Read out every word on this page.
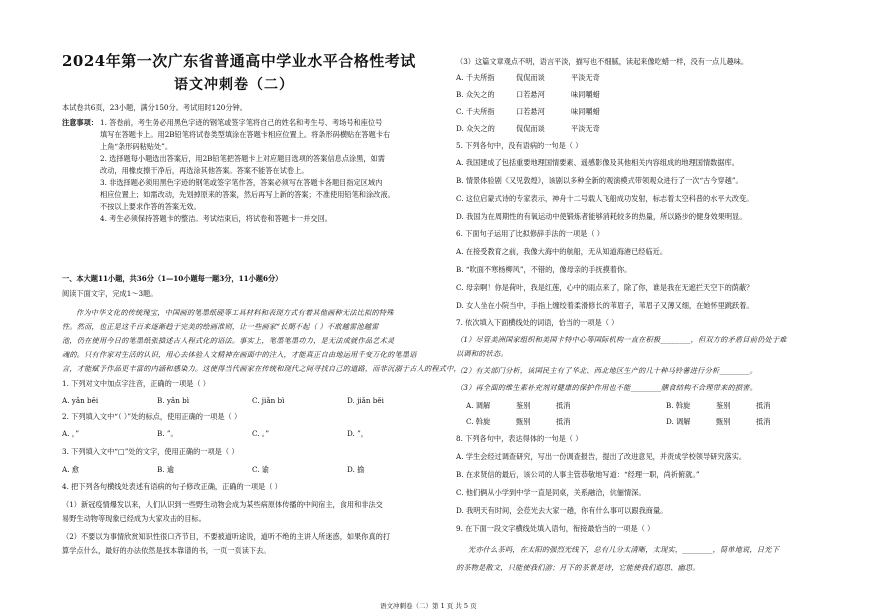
2024年第一次广东省普通高中学业水平合格性考试
语文冲刺卷（二）
本试卷共6页，23小题，满分150分。考试用时120分钟。
注意事项： 1. 答卷前，考生务必用黑色字迹的钢笔或签字笔将自己的姓名和考生号、考场号和座位号
填写在答题卡上。用2B铅笔将试卷类型填涂在答题卡相应位置上。将条形码横贴在答题卡右
上角“条形码粘贴处”。
2. 选择题每小题选出答案后，用2B铅笔把答题卡上对应题目选项的答案信息点涂黑，如需
改动，用橡皮擦干净后，再选涂其他答案。答案不能答在试卷上。
3. 非选择题必须用黑色字迹的钢笔或签字笔作答，答案必须写在答题卡各题目指定区域内
相应位置上；如需改动，先划掉原来的答案，然后再写上新的答案；不准使用铅笔和涂改液。
不按以上要求作答的答案无效。
4. 考生必须保持答题卡的整洁。考试结束后，将试卷和答题卡一并交回。
一、本大题11小题，共36分（1—10小题每一题3分，11小题6分）
阅读下面文字，完成1～3题。
作为中华文化的传统瑰宝，中国画的笔墨纸砚等工具材料和表现方式有着其他画种无法比拟的特殊
性。然而，也正是这千百来逐渐趋于完美的绘画准则，让一些画家“长期不起（ ）不敢越雷池越雷
池，仍在使用今日的笔墨纸张描述古人程式化的语法。事实上，笔墨笔墨功力，是无法成就作品艺术灵
魂的。只有作家对生活的认识，用心去体验人文精神在画面中的注入，才能真正自由地运用千变万化的笔墨语
言，才能赋予作品更丰富的内涵和感染力。这使得当代画家在传统和现代之间寻找自己的道路，而非沉溺于古人的程式中，
1. 下列对文中加点字注音，正确的一项是（ ）
A. yǎn běi	B. yǎn bì	C. jiǎn bì	D. jiǎn běi
2. 下列填入文中“（ ）”处的标点，使用正确的一项是（ ）
A. ，”	B. ”。	C. 。”	D. ”，
3. 下列填入文中“□”处的文字，使用正确的一项是（ ）
A. 愈	B. 逾	C. 谕	D. 揄
4. 把下列各句横线处表述有语病的句子修改正确，正确的一项是（ ）
（1）新冠疫情爆发以来，人们认识到一些野生动物会成为某些病原体传播的中间宿主，食用和非法交
易野生动物等现象已经成为大家攻击的目标。
（2）不要以为事情欣赏知识性很口齐节目，不要被道听途说，道听不绝的主讲人所迷惑，如果你真的打
算学点什么，最好的办法依然是找本靠谱的书，一页一页读下去。
（3）这篇文章观点不明，语言平淡，描写也不细腻，读起来像吃蜡一样，没有一点儿趣味。
A. 千夫所指	侃侃而谈	平淡无奇
B. 众矢之的	口若悬河	味同嚼蜡
C. 千夫所指	口若悬河	味同嚼蜡
D. 众矢之的	侃侃而谈	平淡无奇
5. 下列各句中，没有语病的一句是（ ）
A. 我国建成了包括重要地理国情要素、遥感影像及其他相关内容组成的地理国情数据库。
B. 情景体验剧《又见敦煌》，该剧以多种全新的观演模式带领观众进行了一次“古今穿越”。
C. 这位启蒙式诗的专家表示，神舟十二号载人飞船成功发射，标志着太空科普的水平大改变。
D. 我国为在周期性的有氧运动中使锻炼者能够消耗较多的热量，所以路步的健身效果明显。
6. 下面句子运用了比拟修辞手法的一项是（ ）
A. 在接受教育之前，我像大海中的航船，无从知道海港已经临近。
B. “吹面不寒杨柳风”，不错的，像母亲的手抚摸着你。
C. 母亲啊！你是荷叶，我是红莲，心中的雨点来了，除了你，谁是我在无遮拦天空下的荫蔽？
D. 女人坐在小院当中，手指上缠绞着柔滑修长的苇眉子，苇眉子又薄又细，在她怀里跳跃着。
7. 依次填入下面横线处的词语，恰当的一项是（ ）
（1）尽管美洲国家组织和美国卡特中心等国际机构一直在积极________，但双方的矛盾目前仍处于难
以调和的状态。
（2）有关部门分析，该国民主有了华北、西北地区生产的几十种马铃薯进行分析________。
（3）再全面的维生素补充剂对健康的保护作用也不能________膳食结构不合理带来的损害。
A. 调解	鉴别	抵消	B. 斡旋	鉴别	抵消
C. 斡旋	甄别	抵消	D. 调解	甄别	抵消
8. 下列各句中，表达得体的一句是（ ）
A. 学生会经过调查研究，写出一份调查报告，提出了改进意见，并责成学校领导研究落实。
B. 在求贤信的最后，该公司的人事主管恭敬地写道：“经理一职，尚祈俯就。”
C. 他们俩从小学到中学一直是同桌，关系融洽，伉俪情深。
D. 我明天有时间，会莅光去大家一趟，你有什么事可以跟我商量。
9. 在下面一段文字横线处填入语句，衔接最恰当的一项是（ ）
光亦什么茶吗，在太阳的强烈光线下，总有几分太清晰，太现实，________，简单地说，日光下
的茶物是散文，只能使我们游；月下的茶景是诗，它能使我们遐思、幽思。
语文冲刺卷（二）第 1 页 共 5 页
